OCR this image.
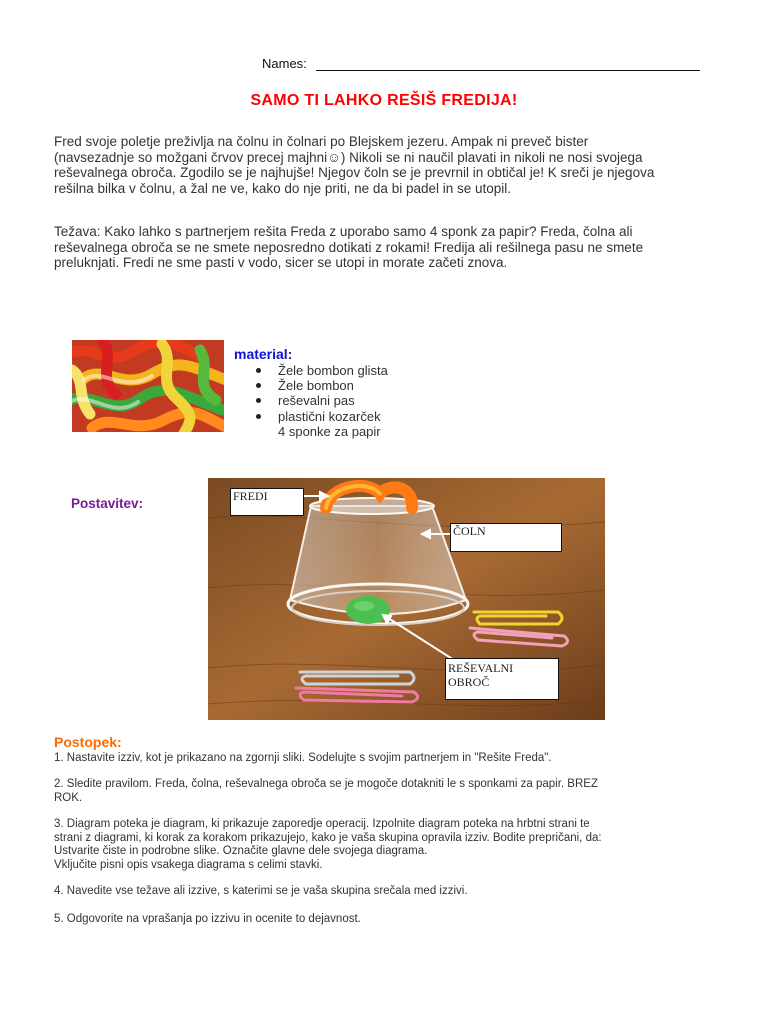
Names:
SAMO TI LAHKO REŠIŠ FREDIJA!

Fred svoje poletje preživlja na čolnu in čolnari po Blejskem jezeru. Ampak ni preveč bister
(navsezadnje so možgani črvov precej majhni☺) Nikoli se ni naučil plavati in nikoli ne nosi svojega
reševalnega obroča. Zgodilo se je najhujše! Njegov čoln se je prevrnil in obtičal je! K sreči je njegova
rešilna bilka v čolnu, a žal ne ve, kako do nje priti, ne da bi padel in se utopil.

Težava: Kako lahko s partnerjem rešita Freda z uporabo samo 4 sponk za papir? Freda, čolna ali
reševalnega obroča se ne smete neposredno dotikati z rokami! Fredija ali rešilnega pasu ne smete
preluknjati. Fredi ne sme pasti v vodo, sicer se utopi in morate začeti znova.

material:
Žele bombon glista
Žele bombon
reševalni pas
plastični kozarček
4 sponke za papir
Postavitev:	FREDI
ČOLN
REŠEVALNI
OBROČ
Postopek:

1. Nastavite izziv, kot je prikazano na zgornji sliki. Sodelujte s svojim partnerjem in "Rešite Freda".

2. Sledite pravilom. Freda, čolna, reševalnega obroča se je mogoče dotakniti le s sponkami za papir. BREZ
ROK.

3. Diagram poteka je diagram, ki prikazuje zaporedje operacij. Izpolnite diagram poteka na hrbtni strani te
strani z diagrami, ki korak za korakom prikazujejo, kako je vaša skupina opravila izziv. Bodite prepričani, da:
Ustvarite čiste in podrobne slike. Označite glavne dele svojega diagrama.
Vključite pisni opis vsakega diagrama s celimi stavki.

4. Navedite vse težave ali izzive, s katerimi se je vaša skupina srečala med izzivi.

5. Odgovorite na vprašanja po izzivu in ocenite to dejavnost.
